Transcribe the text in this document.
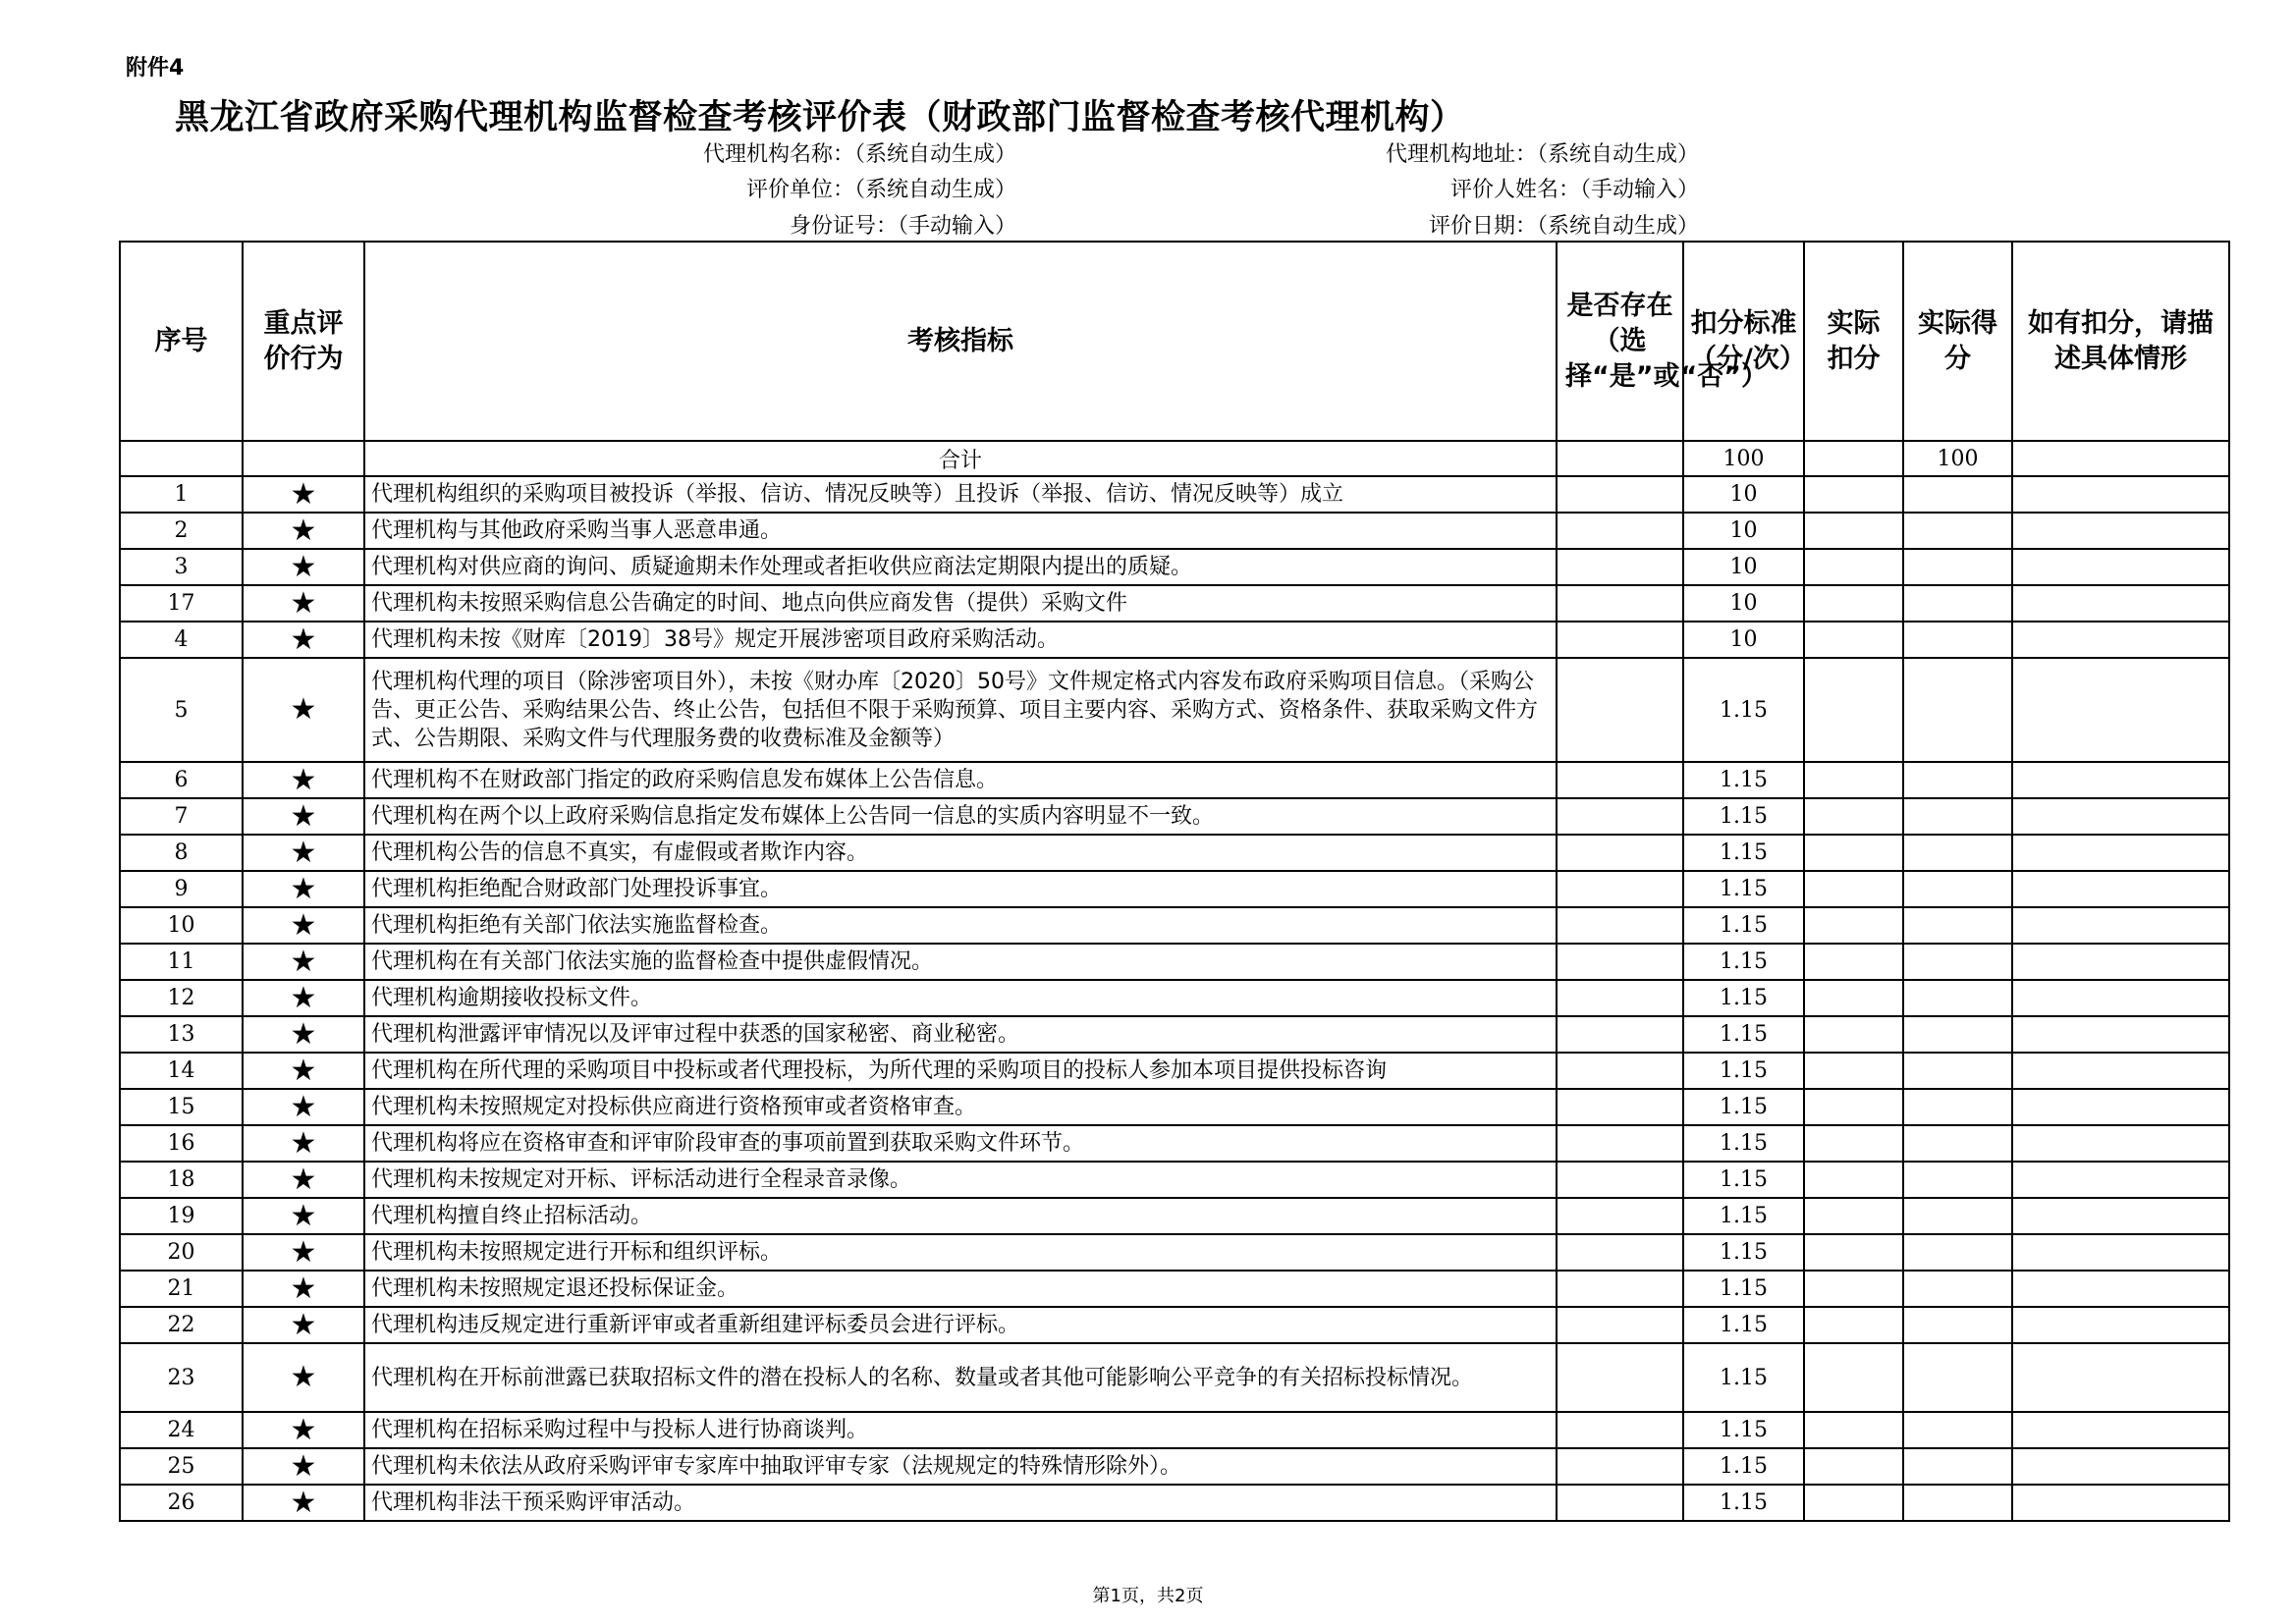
附件4
黑龙江省政府采购代理机构监督检查考核评价表（财政部门监督检查考核代理机构）
代理机构名称：（系统自动生成）	代理机构地址：（系统自动生成）
评价单位：（系统自动生成）	评价人姓名：（手动输入）
身份证号：（手动输入）	评价日期：（系统自动生成）
序号	重点评价行为	考核指标	是否存在（选择“是”或“否”）	扣分标准（分/次）	实际扣分	实际得分	如有扣分，请描述具体情形
		合计		100		100	
1	★	代理机构组织的采购项目被投诉（举报、信访、情况反映等）且投诉（举报、信访、情况反映等）成立		10			
2	★	代理机构与其他政府采购当事人恶意串通。		10			
3	★	代理机构对供应商的询问、质疑逾期未作处理或者拒收供应商法定期限内提出的质疑。		10			
17	★	代理机构未按照采购信息公告确定的时间、地点向供应商发售（提供）采购文件		10			
4	★	代理机构未按《财库〔2019〕38号》规定开展涉密项目政府采购活动。		10			
5	★	代理机构代理的项目（除涉密项目外），未按《财办库〔2020〕50号》文件规定格式内容发布政府采购项目信息。（采购公告、更正公告、采购结果公告、终止公告，包括但不限于采购预算、项目主要内容、采购方式、资格条件、获取采购文件方式、公告期限、采购文件与代理服务费的收费标准及金额等）		1.15			
6	★	代理机构不在财政部门指定的政府采购信息发布媒体上公告信息。		1.15			
7	★	代理机构在两个以上政府采购信息指定发布媒体上公告同一信息的实质内容明显不一致。		1.15			
8	★	代理机构公告的信息不真实，有虚假或者欺诈内容。		1.15			
9	★	代理机构拒绝配合财政部门处理投诉事宜。		1.15			
10	★	代理机构拒绝有关部门依法实施监督检查。		1.15			
11	★	代理机构在有关部门依法实施的监督检查中提供虚假情况。		1.15			
12	★	代理机构逾期接收投标文件。		1.15			
13	★	代理机构泄露评审情况以及评审过程中获悉的国家秘密、商业秘密。		1.15			
14	★	代理机构在所代理的采购项目中投标或者代理投标，为所代理的采购项目的投标人参加本项目提供投标咨询		1.15			
15	★	代理机构未按照规定对投标供应商进行资格预审或者资格审查。		1.15			
16	★	代理机构将应在资格审查和评审阶段审查的事项前置到获取采购文件环节。		1.15			
18	★	代理机构未按规定对开标、评标活动进行全程录音录像。		1.15			
19	★	代理机构擅自终止招标活动。		1.15			
20	★	代理机构未按照规定进行开标和组织评标。		1.15			
21	★	代理机构未按照规定退还投标保证金。		1.15			
22	★	代理机构违反规定进行重新评审或者重新组建评标委员会进行评标。		1.15			
23	★	代理机构在开标前泄露已获取招标文件的潜在投标人的名称、数量或者其他可能影响公平竞争的有关招标投标情况。		1.15			
24	★	代理机构在招标采购过程中与投标人进行协商谈判。		1.15			
25	★	代理机构未依法从政府采购评审专家库中抽取评审专家（法规规定的特殊情形除外）。		1.15			
26	★	代理机构非法干预采购评审活动。		1.15			
第1页，共2页
